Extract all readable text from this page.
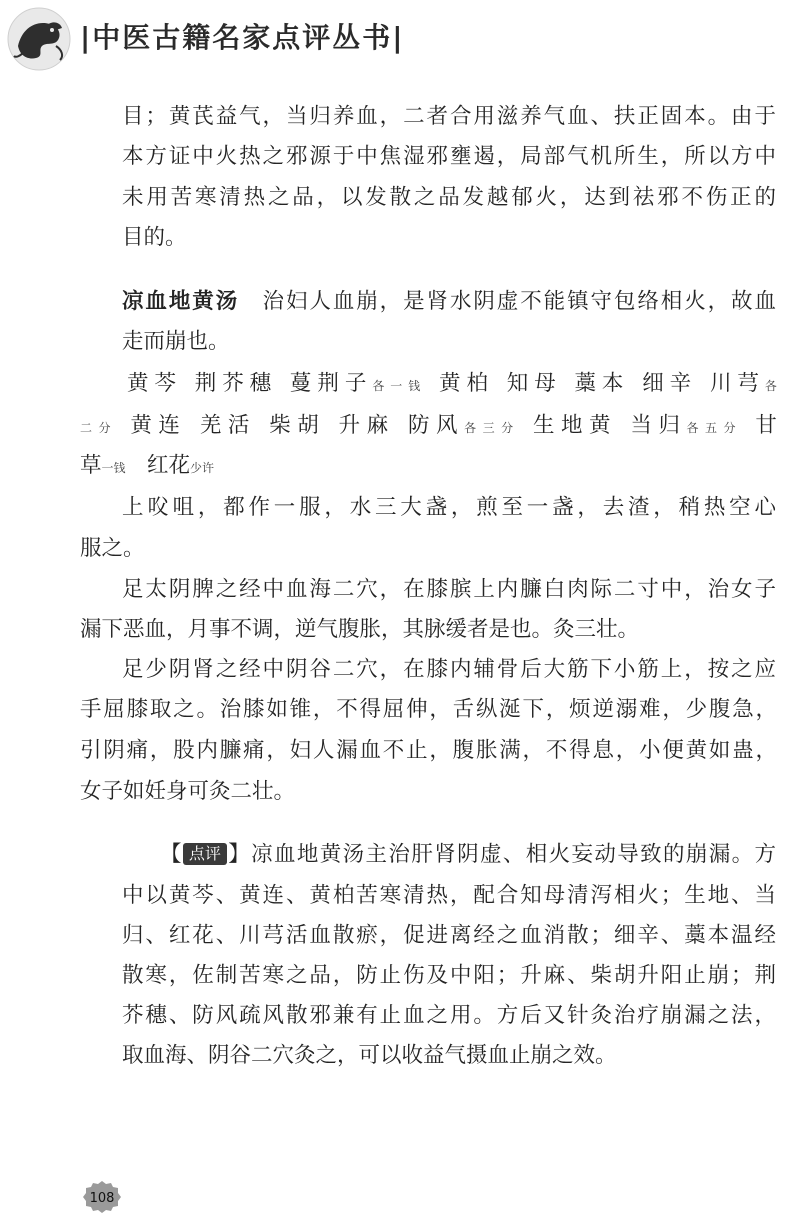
|中医古籍名家点评丛书|
目；黄芪益气，当归养血，二者合用滋养气血、扶正固本。由于
本方证中火热之邪源于中焦湿邪壅遏，局部气机所生，所以方中
未用苦寒清热之品，以发散之品发越郁火，达到祛邪不伤正的
目的。
凉血地黄汤  治妇人血崩，是肾水阴虚不能镇守包络相火，故血
走而崩也。
黄芩 荆芥穗 蔓荆子各一钱 黄柏 知母 藁本 细辛 川芎各
二分 黄连 羌活 柴胡 升麻 防风各三分 生地黄 当归各五分 甘
草一钱  红花少许
上㕮咀，都作一服，水三大盏，煎至一盏，去渣，稍热空心
服之。
足太阴脾之经中血海二穴，在膝膑上内臁白肉际二寸中，治女子
漏下恶血，月事不调，逆气腹胀，其脉缓者是也。灸三壮。
足少阴肾之经中阴谷二穴，在膝内辅骨后大筋下小筋上，按之应
手屈膝取之。治膝如锥，不得屈伸，舌纵涎下，烦逆溺难，少腹急，
引阴痛，股内臁痛，妇人漏血不止，腹胀满，不得息，小便黄如蛊，
女子如妊身可灸二壮。
【 点评 】凉血地黄汤主治肝肾阴虚、相火妄动导致的崩漏。方
中以黄芩、黄连、黄柏苦寒清热，配合知母清泻相火；生地、当
归、红花、川芎活血散瘀，促进离经之血消散；细辛、藁本温经
散寒，佐制苦寒之品，防止伤及中阳；升麻、柴胡升阳止崩；荆
芥穗、防风疏风散邪兼有止血之用。方后又针灸治疗崩漏之法，
取血海、阴谷二穴灸之，可以收益气摄血止崩之效。
108
